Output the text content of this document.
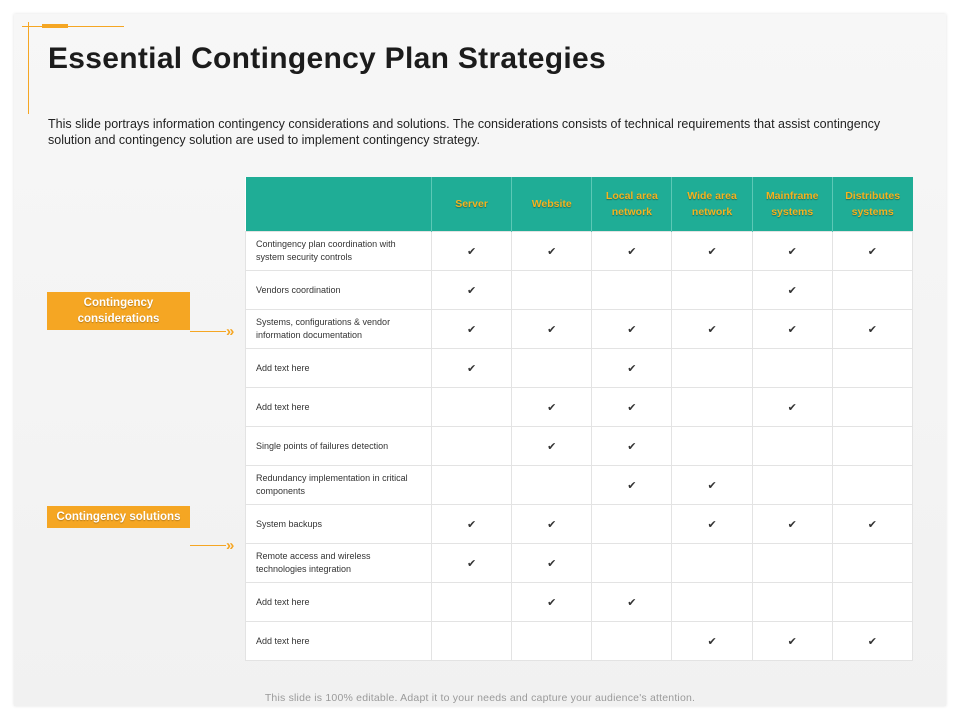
Essential Contingency Plan Strategies
This slide portrays information contingency considerations and solutions. The considerations consists of technical requirements that assist contingency solution and contingency solution are used to implement contingency strategy.
Contingency considerations
»
Contingency solutions
»
	Server	Website	Local area network	Wide area network	Mainframe systems	Distributes systems
Contingency plan coordination with system security controls	✔	✔	✔	✔	✔	✔
Vendors coordination	✔				✔	
Systems, configurations & vendor information documentation	✔	✔	✔	✔	✔	✔
Add text here	✔		✔			
Add text here		✔	✔		✔	
Single points of failures detection		✔	✔			
Redundancy implementation in critical components			✔	✔		
System backups	✔	✔		✔	✔	✔
Remote access and wireless technologies integration	✔	✔				
Add text here		✔	✔			
Add text here				✔	✔	✔
This slide is 100% editable. Adapt it to your needs and capture your audience's attention.
